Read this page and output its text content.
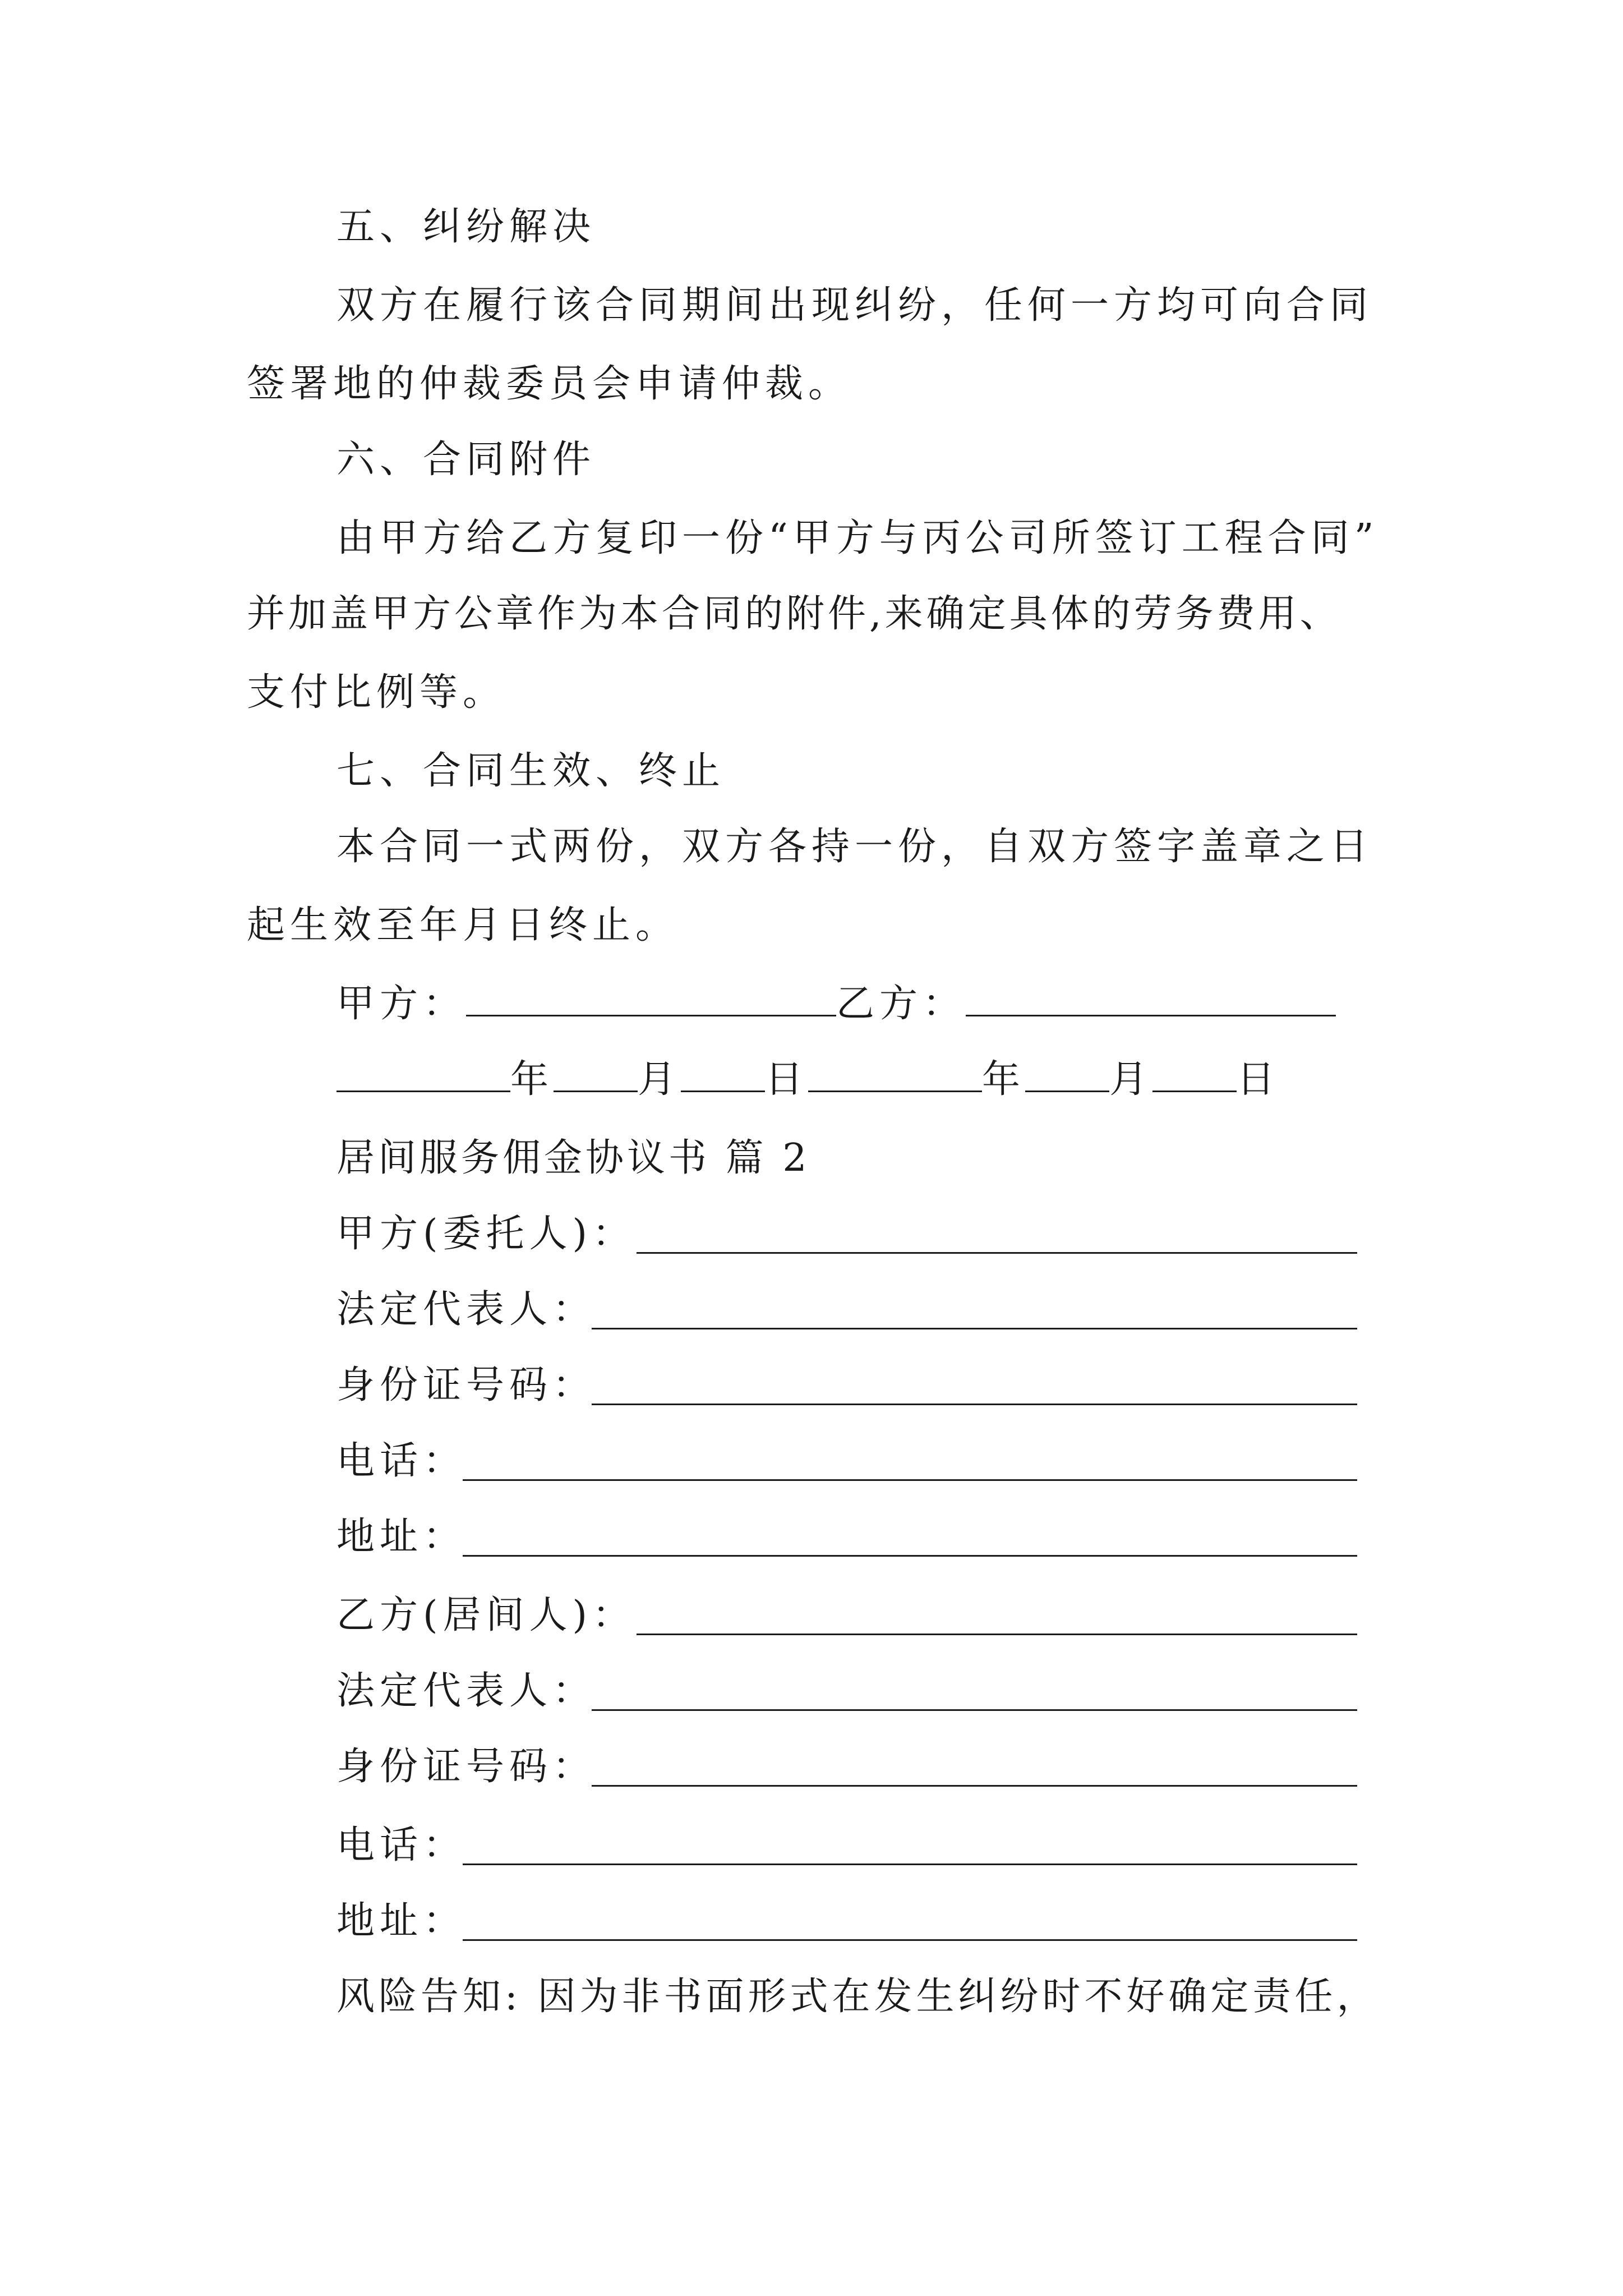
五、纠纷解决
双方在履行该合同期间出现纠纷，任何一方均可向合同
签署地的仲裁委员会申请仲裁。
六、合同附件
由甲方给乙方复印一份“甲方与丙公司所签订工程合同”
并加盖甲方公章作为本合同的附件,来确定具体的劳务费用、
支付比例等。
七、合同生效、终止
本合同一式两份，双方各持一份，自双方签字盖章之日
起生效至年月日终止。
甲方：	乙方：
年 月 日	年 月 日
居间服务佣金协议书 篇 2
甲方(委托人)：
法定代表人：
身份证号码：
电话：
地址：
乙方(居间人)：
法定代表人：
身份证号码：
电话：
地址：
风险告知: 因为非书面形式在发生纠纷时不好确定责任，
